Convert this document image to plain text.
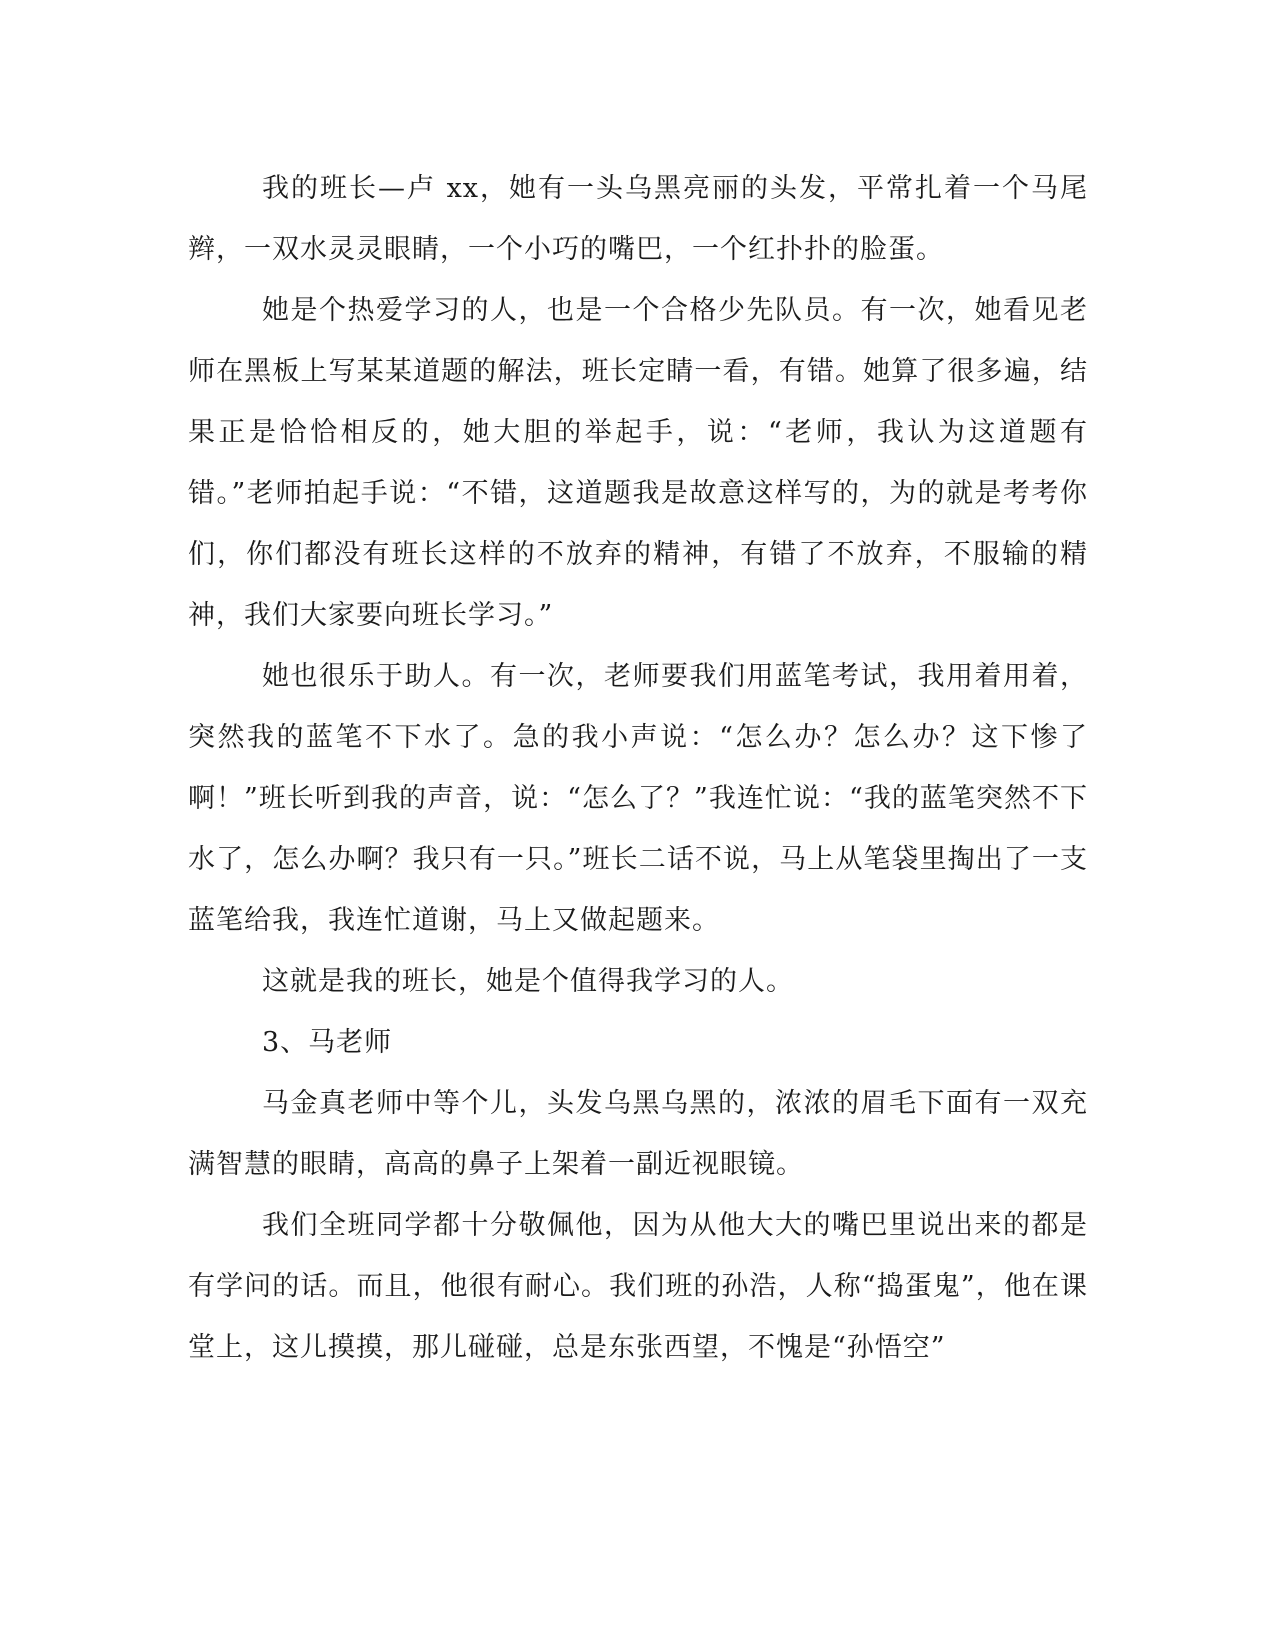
我的班长—卢 xx，她有一头乌黑亮丽的头发，平常扎着一个马尾辫，一双水灵灵眼睛，一个小巧的嘴巴，一个红扑扑的脸蛋。

她是个热爱学习的人，也是一个合格少先队员。有一次，她看见老师在黑板上写某某道题的解法，班长定睛一看，有错。她算了很多遍，结果正是恰恰相反的，她大胆的举起手，说：“老师，我认为这道题有错。”老师拍起手说：“不错，这道题我是故意这样写的，为的就是考考你们，你们都没有班长这样的不放弃的精神，有错了不放弃，不服输的精神，我们大家要向班长学习。”

她也很乐于助人。有一次，老师要我们用蓝笔考试，我用着用着，突然我的蓝笔不下水了。急的我小声说：“怎么办？怎么办？这下惨了啊！”班长听到我的声音，说：“怎么了？”我连忙说：“我的蓝笔突然不下水了，怎么办啊？我只有一只。”班长二话不说，马上从笔袋里掏出了一支蓝笔给我，我连忙道谢，马上又做起题来。

这就是我的班长，她是个值得我学习的人。

3、马老师

马金真老师中等个儿，头发乌黑乌黑的，浓浓的眉毛下面有一双充满智慧的眼睛，高高的鼻子上架着一副近视眼镜。

我们全班同学都十分敬佩他，因为从他大大的嘴巴里说出来的都是有学问的话。而且，他很有耐心。我们班的孙浩，人称“捣蛋鬼”，他在课堂上，这儿摸摸，那儿碰碰，总是东张西望，不愧是“孙悟空”
